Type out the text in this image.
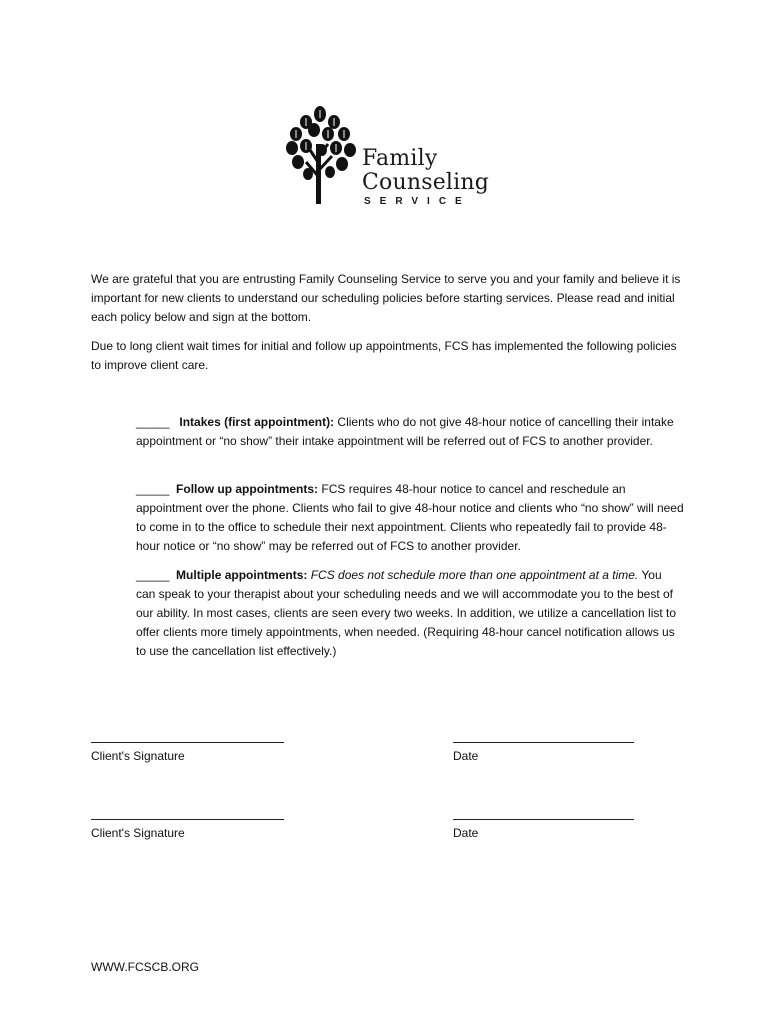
Family
Counseling
SERVICE

We are grateful that you are entrusting Family Counseling Service to serve you and your family and believe it is important for new clients to understand our scheduling policies before starting services. Please read and initial each policy below and sign at the bottom.

Due to long client wait times for initial and follow up appointments, FCS has implemented the following policies to improve client care.

_____ Intakes (first appointment): Clients who do not give 48-hour notice of cancelling their intake appointment or “no show” their intake appointment will be referred out of FCS to another provider.

_____ Follow up appointments: FCS requires 48-hour notice to cancel and reschedule an appointment over the phone. Clients who fail to give 48-hour notice and clients who “no show” will need to come in to the office to schedule their next appointment. Clients who repeatedly fail to provide 48-hour notice or “no show” may be referred out of FCS to another provider.

_____ Multiple appointments: FCS does not schedule more than one appointment at a time. You can speak to your therapist about your scheduling needs and we will accommodate you to the best of our ability. In most cases, clients are seen every two weeks. In addition, we utilize a cancellation list to offer clients more timely appointments, when needed. (Requiring 48-hour cancel notification allows us to use the cancellation list effectively.)

Client's Signature	Date
Client's Signature	Date
WWW.FCSCB.ORG
